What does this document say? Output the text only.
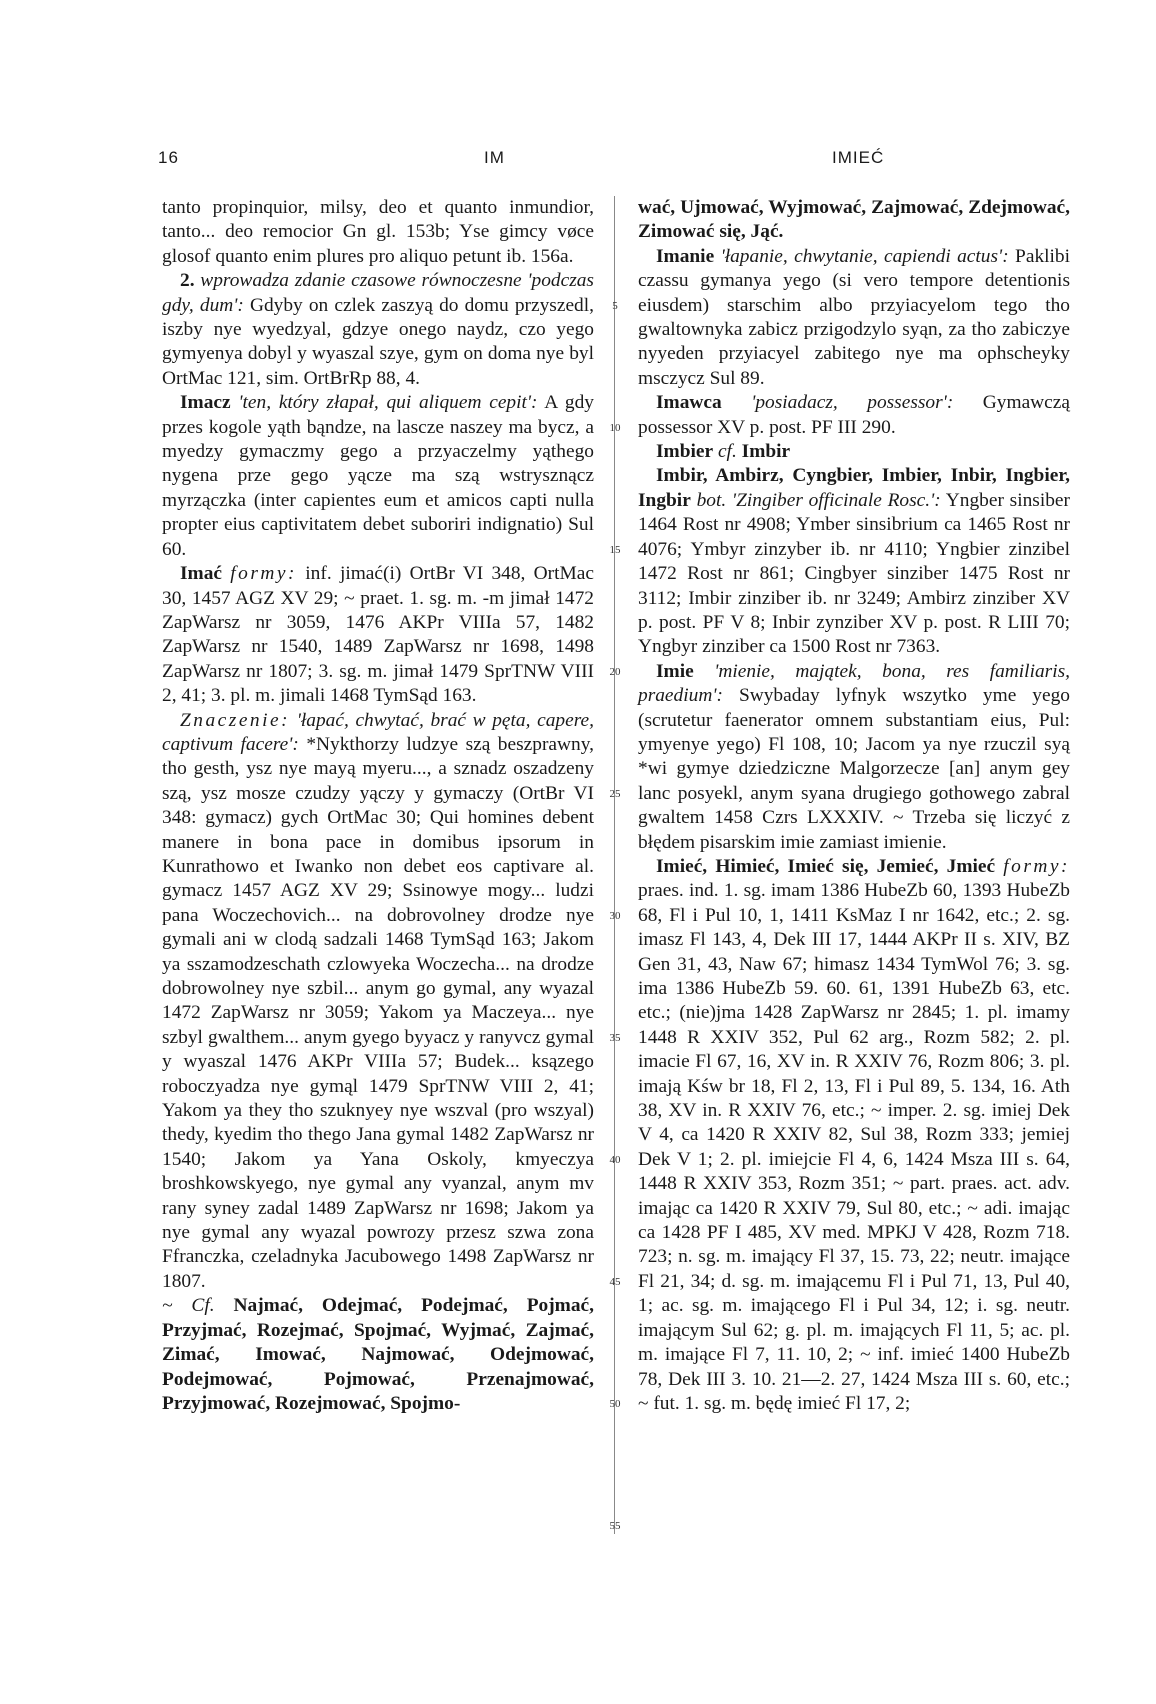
16	IM	IMIEĆ

tanto propinquior, milsy, deo et quanto inmundior, tanto... deo remocior Gn gl. 153b; Yse gimcy vøce glosof quanto enim plures pro aliquo petunt ib. 156a.

2. wprowadza zdanie czasowe równoczesne 'podczas gdy, dum': Gdyby on czlek zaszyą do domu przyszedl, iszby nye wyedzyal, gdzye onego naydz, czo yego gymyenya dobyl y wyaszal szye, gym on doma nye byl OrtMac 121, sim. OrtBrRp 88, 4.

Imacz 'ten, który złapał, qui aliquem cepit': A gdy przes kogole yąth bąndze, na lascze naszey ma bycz, a myedzy gymaczmy gego a przyaczelmy yąthego nygena prze gego yącze ma szą wstrysznącz myrzączka (inter capientes eum et amicos capti nulla propter eius captivitatem debet suboriri indignatio) Sul 60.

Imać formy: inf. jimać(i) OrtBr VI 348, OrtMac 30, 1457 AGZ XV 29; ~ praet. 1. sg. m. -m jimał 1472 ZapWarsz nr 3059, 1476 AKPr VIIIa 57, 1482 ZapWarsz nr 1540, 1489 ZapWarsz nr 1698, 1498 ZapWarsz nr 1807; 3. sg. m. jimał 1479 SprTNW VIII 2, 41; 3. pl. m. jimali 1468 TymSąd 163.

Znaczenie: 'łapać, chwytać, brać w pęta, capere, captivum facere': *Nykthorzy ludzye szą beszprawny, tho gesth, ysz nye mayą myeru..., a sznadz oszadzeny szą, ysz mosze czudzy yączy y gymaczy (OrtBr VI 348: gymacz) gych OrtMac 30; Qui homines debent manere in bona pace in domibus ipsorum in Kunrathowo et Iwanko non debet eos captivare al. gymacz 1457 AGZ XV 29; Ssinowye mogy... ludzi pana Woczechovich... na dobrovolney drodze nye gymali ani w clodą sadzali 1468 TymSąd 163; Jakom ya sszamodzeschath czlowyeka Woczecha... na drodze dobrowolney nye szbil... anym go gymal, any wyazal 1472 ZapWarsz nr 3059; Yakom ya Maczeya... nye szbyl gwalthem... anym gyego byyacz y ranyvcz gymal y wyaszal 1476 AKPr VIIIa 57; Budek... ksązego roboczyadza nye gymąl 1479 SprTNW VIII 2, 41; Yakom ya they tho szuknyey nye wszval (pro wszyal) thedy, kyedim tho thego Jana gymal 1482 ZapWarsz nr 1540; Jakom ya Yana Oskoly, kmyeczya broshkowskyego, nye gymal any vyanzal, anym mv rany syney zadal 1489 ZapWarsz nr 1698; Jakom ya nye gymal any wyazal powrozy przesz szwa zona Ffranczka, czeladnyka Jacubowego 1498 ZapWarsz nr 1807.

~ Cf. Najmać, Odejmać, Podejmać, Pojmać, Przyjmać, Rozejmać, Spojmać, Wyjmać, Zajmać, Zimać, Imować, Najmować, Odejmować, Podejmować, Pojmować, Przenajmować, Przyjmować, Rozejmować, Spojmo-

5
10
15
20
25
30
35
40
45
50
55

wać, Ujmować, Wyjmować, Zajmować, Zdejmować, Zimować się, Jąć.

Imanie 'łapanie, chwytanie, capiendi actus': Paklibi czassu gymanya yego (si vero tempore detentionis eiusdem) starschim albo przyiacyelom tego tho gwaltownyka zabicz przigodzylo syąn, za tho zabiczye nyyeden przyiacyel zabitego nye ma ophscheyky msczycz Sul 89.

Imawca 'posiadacz, possessor': Gymawczą possessor XV p. post. PF III 290.

Imbier cf. Imbir

Imbir, Ambirz, Cyngbier, Imbier, Inbir, Ingbier, Ingbir bot. 'Zingiber officinale Rosc.': Yngber sinsiber 1464 Rost nr 4908; Ymber sinsibrium ca 1465 Rost nr 4076; Ymbyr zinzyber ib. nr 4110; Yngbier zinzibel 1472 Rost nr 861; Cingbyer sinziber 1475 Rost nr 3112; Imbir zinziber ib. nr 3249; Ambirz zinziber XV p. post. PF V 8; Inbir zynziber XV p. post. R LIII 70; Yngbyr zinziber ca 1500 Rost nr 7363.

Imie 'mienie, majątek, bona, res familiaris, praedium': Swybaday lyfnyk wszytko yme yego (scrutetur faenerator omnem substantiam eius, Pul: ymyenye yego) Fl 108, 10; Jacom ya nye rzuczil syą *wi gymye dziedziczne Malgorzecze [an] anym gey lanc posyekl, anym syana drugiego gothowego zabral gwaltem 1458 Czrs LXXXIV. ~ Trzeba się liczyć z błędem pisarskim imie zamiast imienie.

Imieć, Himieć, Imieć się, Jemieć, Jmieć formy: praes. ind. 1. sg. imam 1386 HubeZb 60, 1393 HubeZb 68, Fl i Pul 10, 1, 1411 KsMaz I nr 1642, etc.; 2. sg. imasz Fl 143, 4, Dek III 17, 1444 AKPr II s. XIV, BZ Gen 31, 43, Naw 67; himasz 1434 TymWol 76; 3. sg. ima 1386 HubeZb 59. 60. 61, 1391 HubeZb 63, etc. etc.; (nie)jma 1428 ZapWarsz nr 2845; 1. pl. imamy 1448 R XXIV 352, Pul 62 arg., Rozm 582; 2. pl. imacie Fl 67, 16, XV in. R XXIV 76, Rozm 806; 3. pl. imają Kśw br 18, Fl 2, 13, Fl i Pul 89, 5. 134, 16. Ath 38, XV in. R XXIV 76, etc.; ~ imper. 2. sg. imiej Dek V 4, ca 1420 R XXIV 82, Sul 38, Rozm 333; jemiej Dek V 1; 2. pl. imiejcie Fl 4, 6, 1424 Msza III s. 64, 1448 R XXIV 353, Rozm 351; ~ part. praes. act. adv. imając ca 1420 R XXIV 79, Sul 80, etc.; ~ adi. imając ca 1428 PF I 485, XV med. MPKJ V 428, Rozm 718. 723; n. sg. m. imający Fl 37, 15. 73, 22; neutr. imające Fl 21, 34; d. sg. m. imającemu Fl i Pul 71, 13, Pul 40, 1; ac. sg. m. imającego Fl i Pul 34, 12; i. sg. neutr. imającym Sul 62; g. pl. m. imających Fl 11, 5; ac. pl. m. imające Fl 7, 11. 10, 2; ~ inf. imieć 1400 HubeZb 78, Dek III 3. 10. 21—2. 27, 1424 Msza III s. 60, etc.; ~ fut. 1. sg. m. będę imieć Fl 17, 2;
